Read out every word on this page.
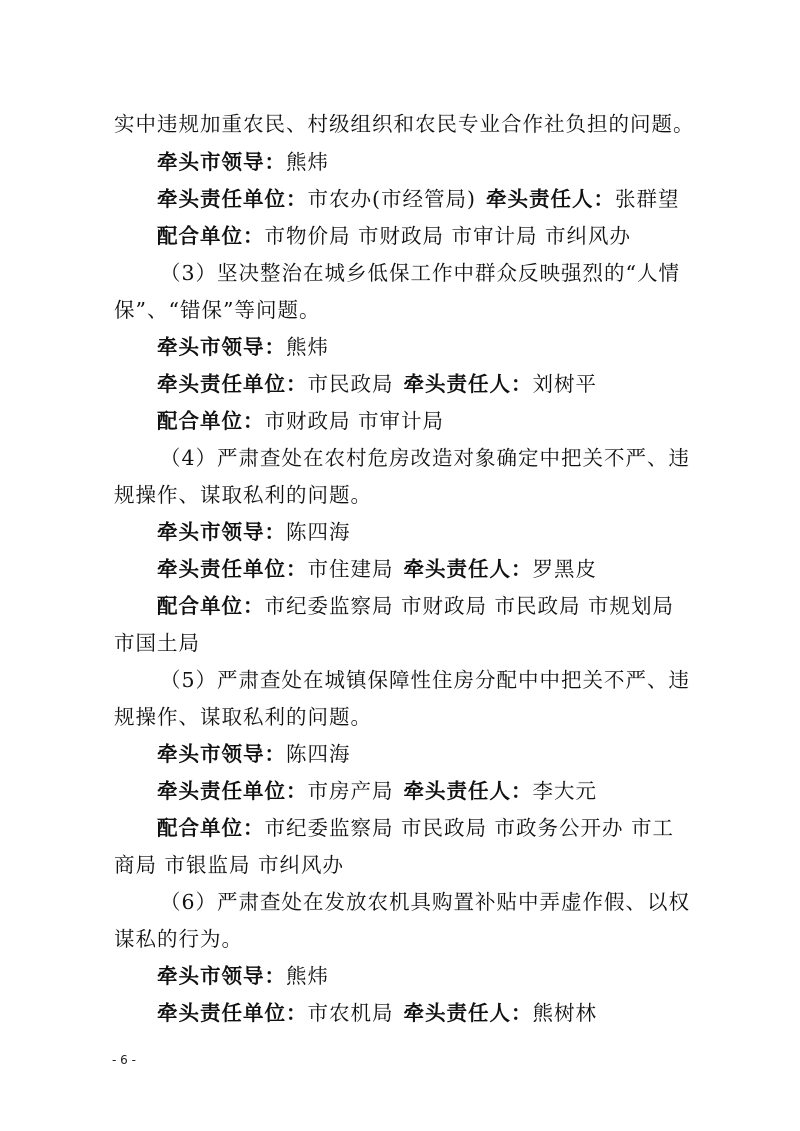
实中违规加重农民、村级组织和农民专业合作社负担的问题。
牵头市领导：熊炜
牵头责任单位：市农办(市经管局) 牵头责任人：张群望
配合单位：市物价局 市财政局 市审计局 市纠风办
（3）坚决整治在城乡低保工作中群众反映强烈的“人情
保”、“错保”等问题。
牵头市领导：熊炜
牵头责任单位：市民政局 牵头责任人：刘树平
配合单位：市财政局 市审计局
（4）严肃查处在农村危房改造对象确定中把关不严、违
规操作、谋取私利的问题。
牵头市领导：陈四海
牵头责任单位：市住建局 牵头责任人：罗黑皮
配合单位：市纪委监察局 市财政局 市民政局 市规划局
市国土局
（5）严肃查处在城镇保障性住房分配中中把关不严、违
规操作、谋取私利的问题。
牵头市领导：陈四海
牵头责任单位：市房产局 牵头责任人：李大元
配合单位：市纪委监察局 市民政局 市政务公开办 市工
商局 市银监局 市纠风办
（6）严肃查处在发放农机具购置补贴中弄虚作假、以权
谋私的行为。
牵头市领导：熊炜
牵头责任单位：市农机局 牵头责任人：熊树林
- 6 -
